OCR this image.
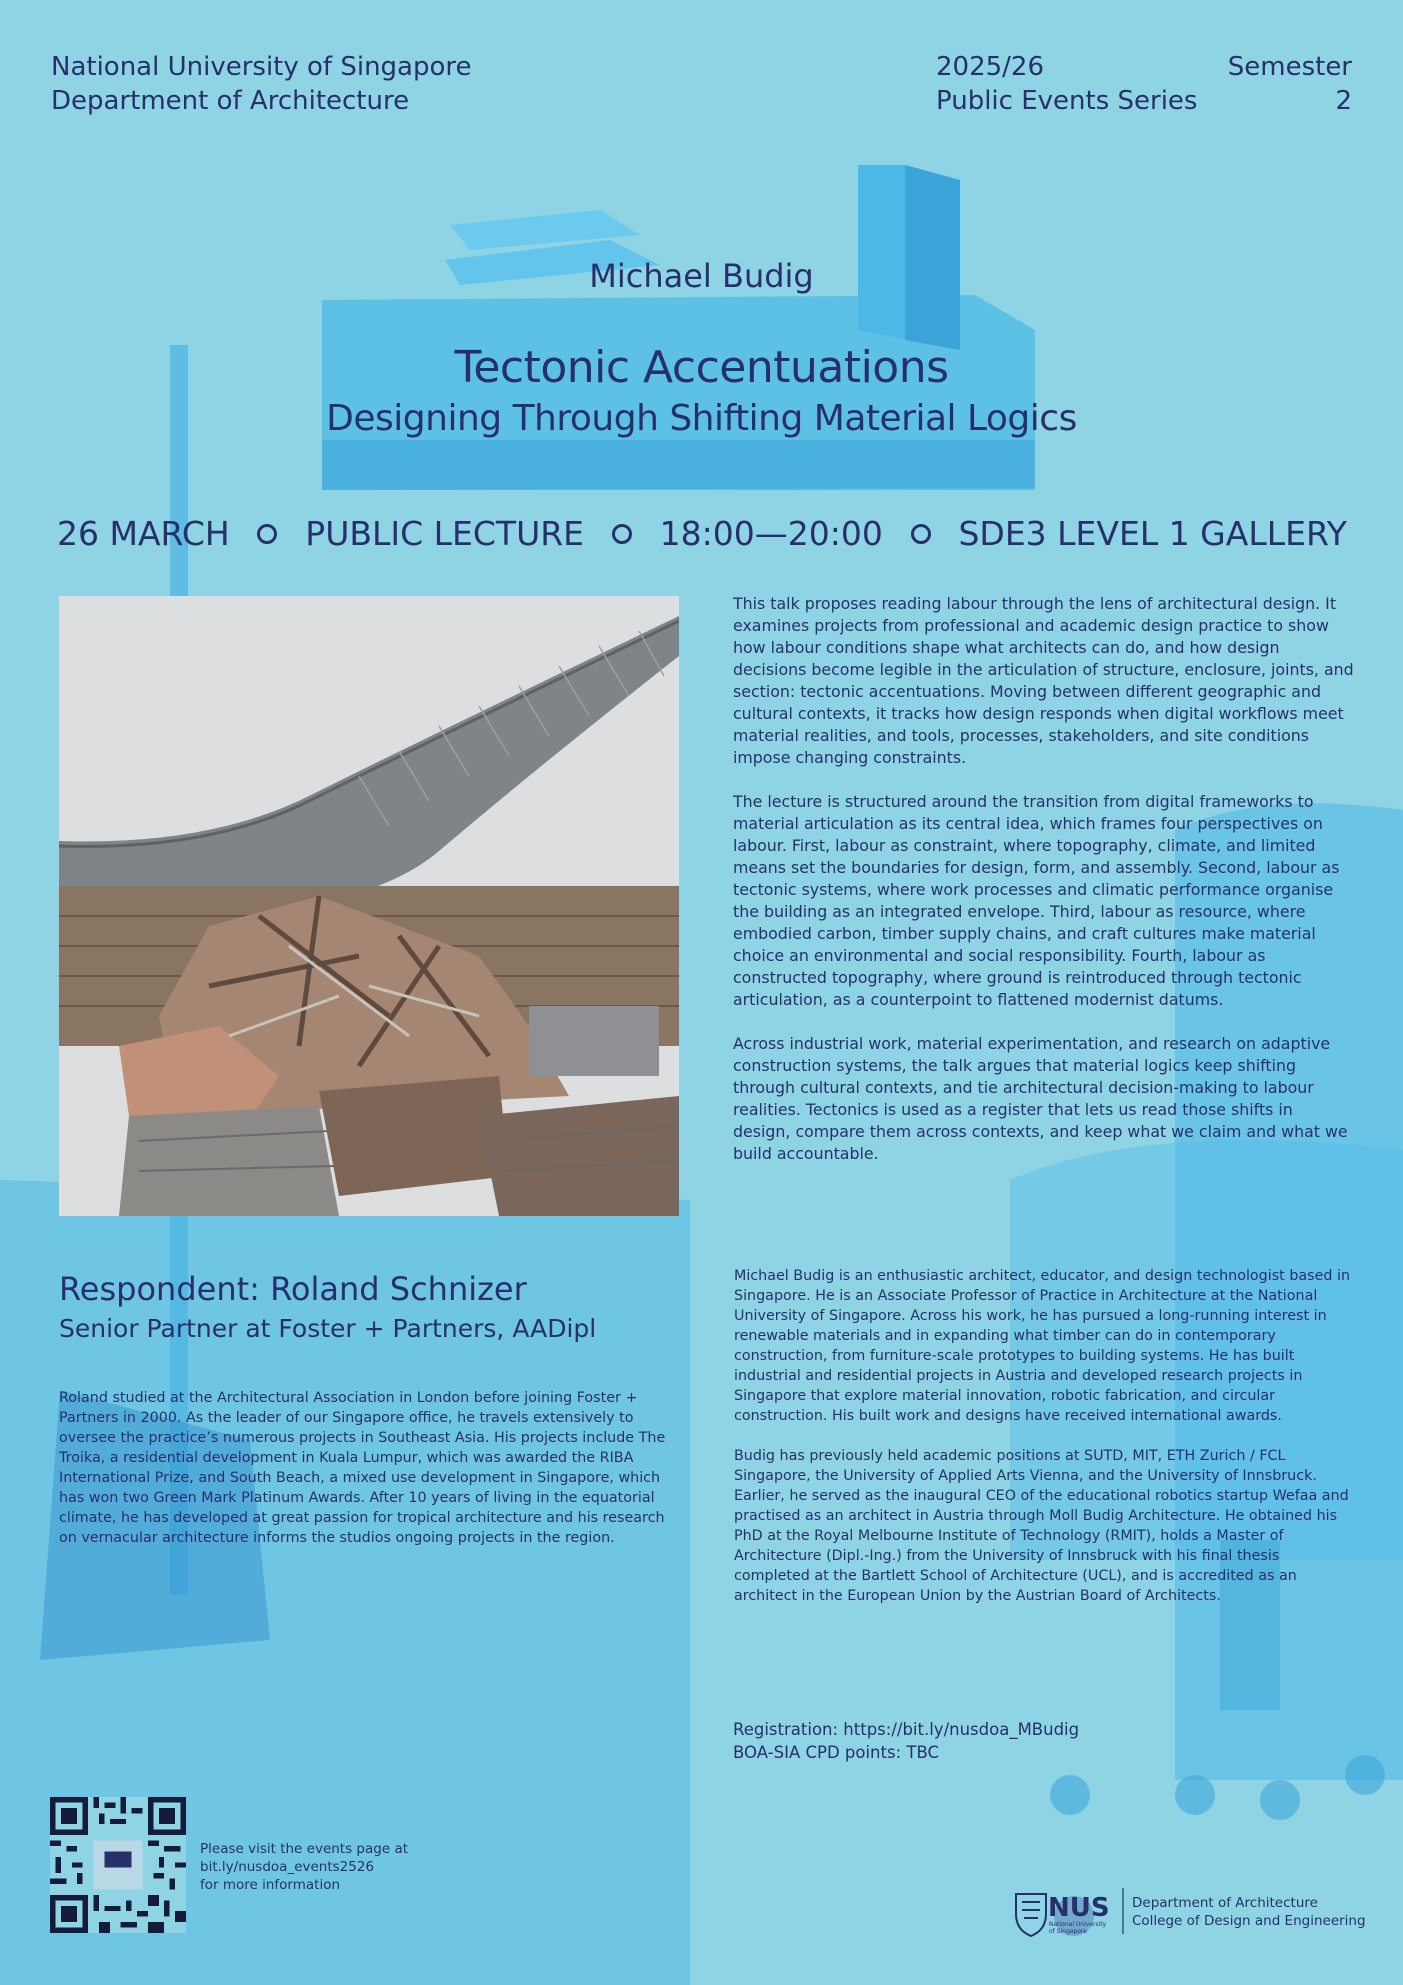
National University of Singapore
Department of Architecture
2025/26
Public Events Series
Semester
2
Michael Budig
Tectonic Accentuations
Designing Through Shifting Material Logics
26 MARCH PUBLIC LECTURE 18:00—20:00 SDE3 LEVEL 1 GALLERY

This talk proposes reading labour through the lens of architectural design. It examines projects from professional and academic design practice to show how labour conditions shape what architects can do, and how design decisions become legible in the articulation of structure, enclosure, joints, and section: tectonic accentuations. Moving between different geographic and cultural contexts, it tracks how design responds when digital workflows meet material realities, and tools, processes, stakeholders, and site conditions impose changing constraints.

The lecture is structured around the transition from digital frameworks to material articulation as its central idea, which frames four perspectives on labour. First, labour as constraint, where topography, climate, and limited means set the boundaries for design, form, and assembly. Second, labour as tectonic systems, where work processes and climatic performance organise the building as an integrated envelope. Third, labour as resource, where embodied carbon, timber supply chains, and craft cultures make material choice an environmental and social responsibility. Fourth, labour as constructed topography, where ground is reintroduced through tectonic articulation, as a counterpoint to flattened modernist datums.

Across industrial work, material experimentation, and research on adaptive construction systems, the talk argues that material logics keep shifting through cultural contexts, and tie architectural decision-making to labour realities. Tectonics is used as a register that lets us read those shifts in design, compare them across contexts, and keep what we claim and what we build accountable.

Respondent: Roland Schnizer
Senior Partner at Foster + Partners, AADipl

Roland studied at the Architectural Association in London before joining Foster + Partners in 2000. As the leader of our Singapore office, he travels extensively to oversee the practice’s numerous projects in Southeast Asia. His projects include The Troika, a residential development in Kuala Lumpur, which was awarded the RIBA International Prize, and South Beach, a mixed use development in Singapore, which has won two Green Mark Platinum Awards. After 10 years of living in the equatorial climate, he has developed at great passion for tropical architecture and his research on vernacular architecture informs the studios ongoing projects in the region.

Michael Budig is an enthusiastic architect, educator, and design technologist based in Singapore. He is an Associate Professor of Practice in Architecture at the National University of Singapore. Across his work, he has pursued a long-running interest in renewable materials and in expanding what timber can do in contemporary construction, from furniture-scale prototypes to building systems. He has built industrial and residential projects in Austria and developed research projects in Singapore that explore material innovation, robotic fabrication, and circular construction. His built work and designs have received international awards.

Budig has previously held academic positions at SUTD, MIT, ETH Zurich / FCL Singapore, the University of Applied Arts Vienna, and the University of Innsbruck. Earlier, he served as the inaugural CEO of the educational robotics startup Wefaa and practised as an architect in Austria through Moll Budig Architecture. He obtained his PhD at the Royal Melbourne Institute of Technology (RMIT), holds a Master of Architecture (Dipl.-Ing.) from the University of Innsbruck with his final thesis completed at the Bartlett School of Architecture (UCL), and is accredited as an architect in the European Union by the Austrian Board of Architects.

Registration: https://bit.ly/nusdoa_MBudig
BOA-SIA CPD points: TBC
Please visit the events page at
bit.ly/nusdoa_events2526
for more information
NUS
National University
of Singapore
Department of Architecture
College of Design and Engineering
